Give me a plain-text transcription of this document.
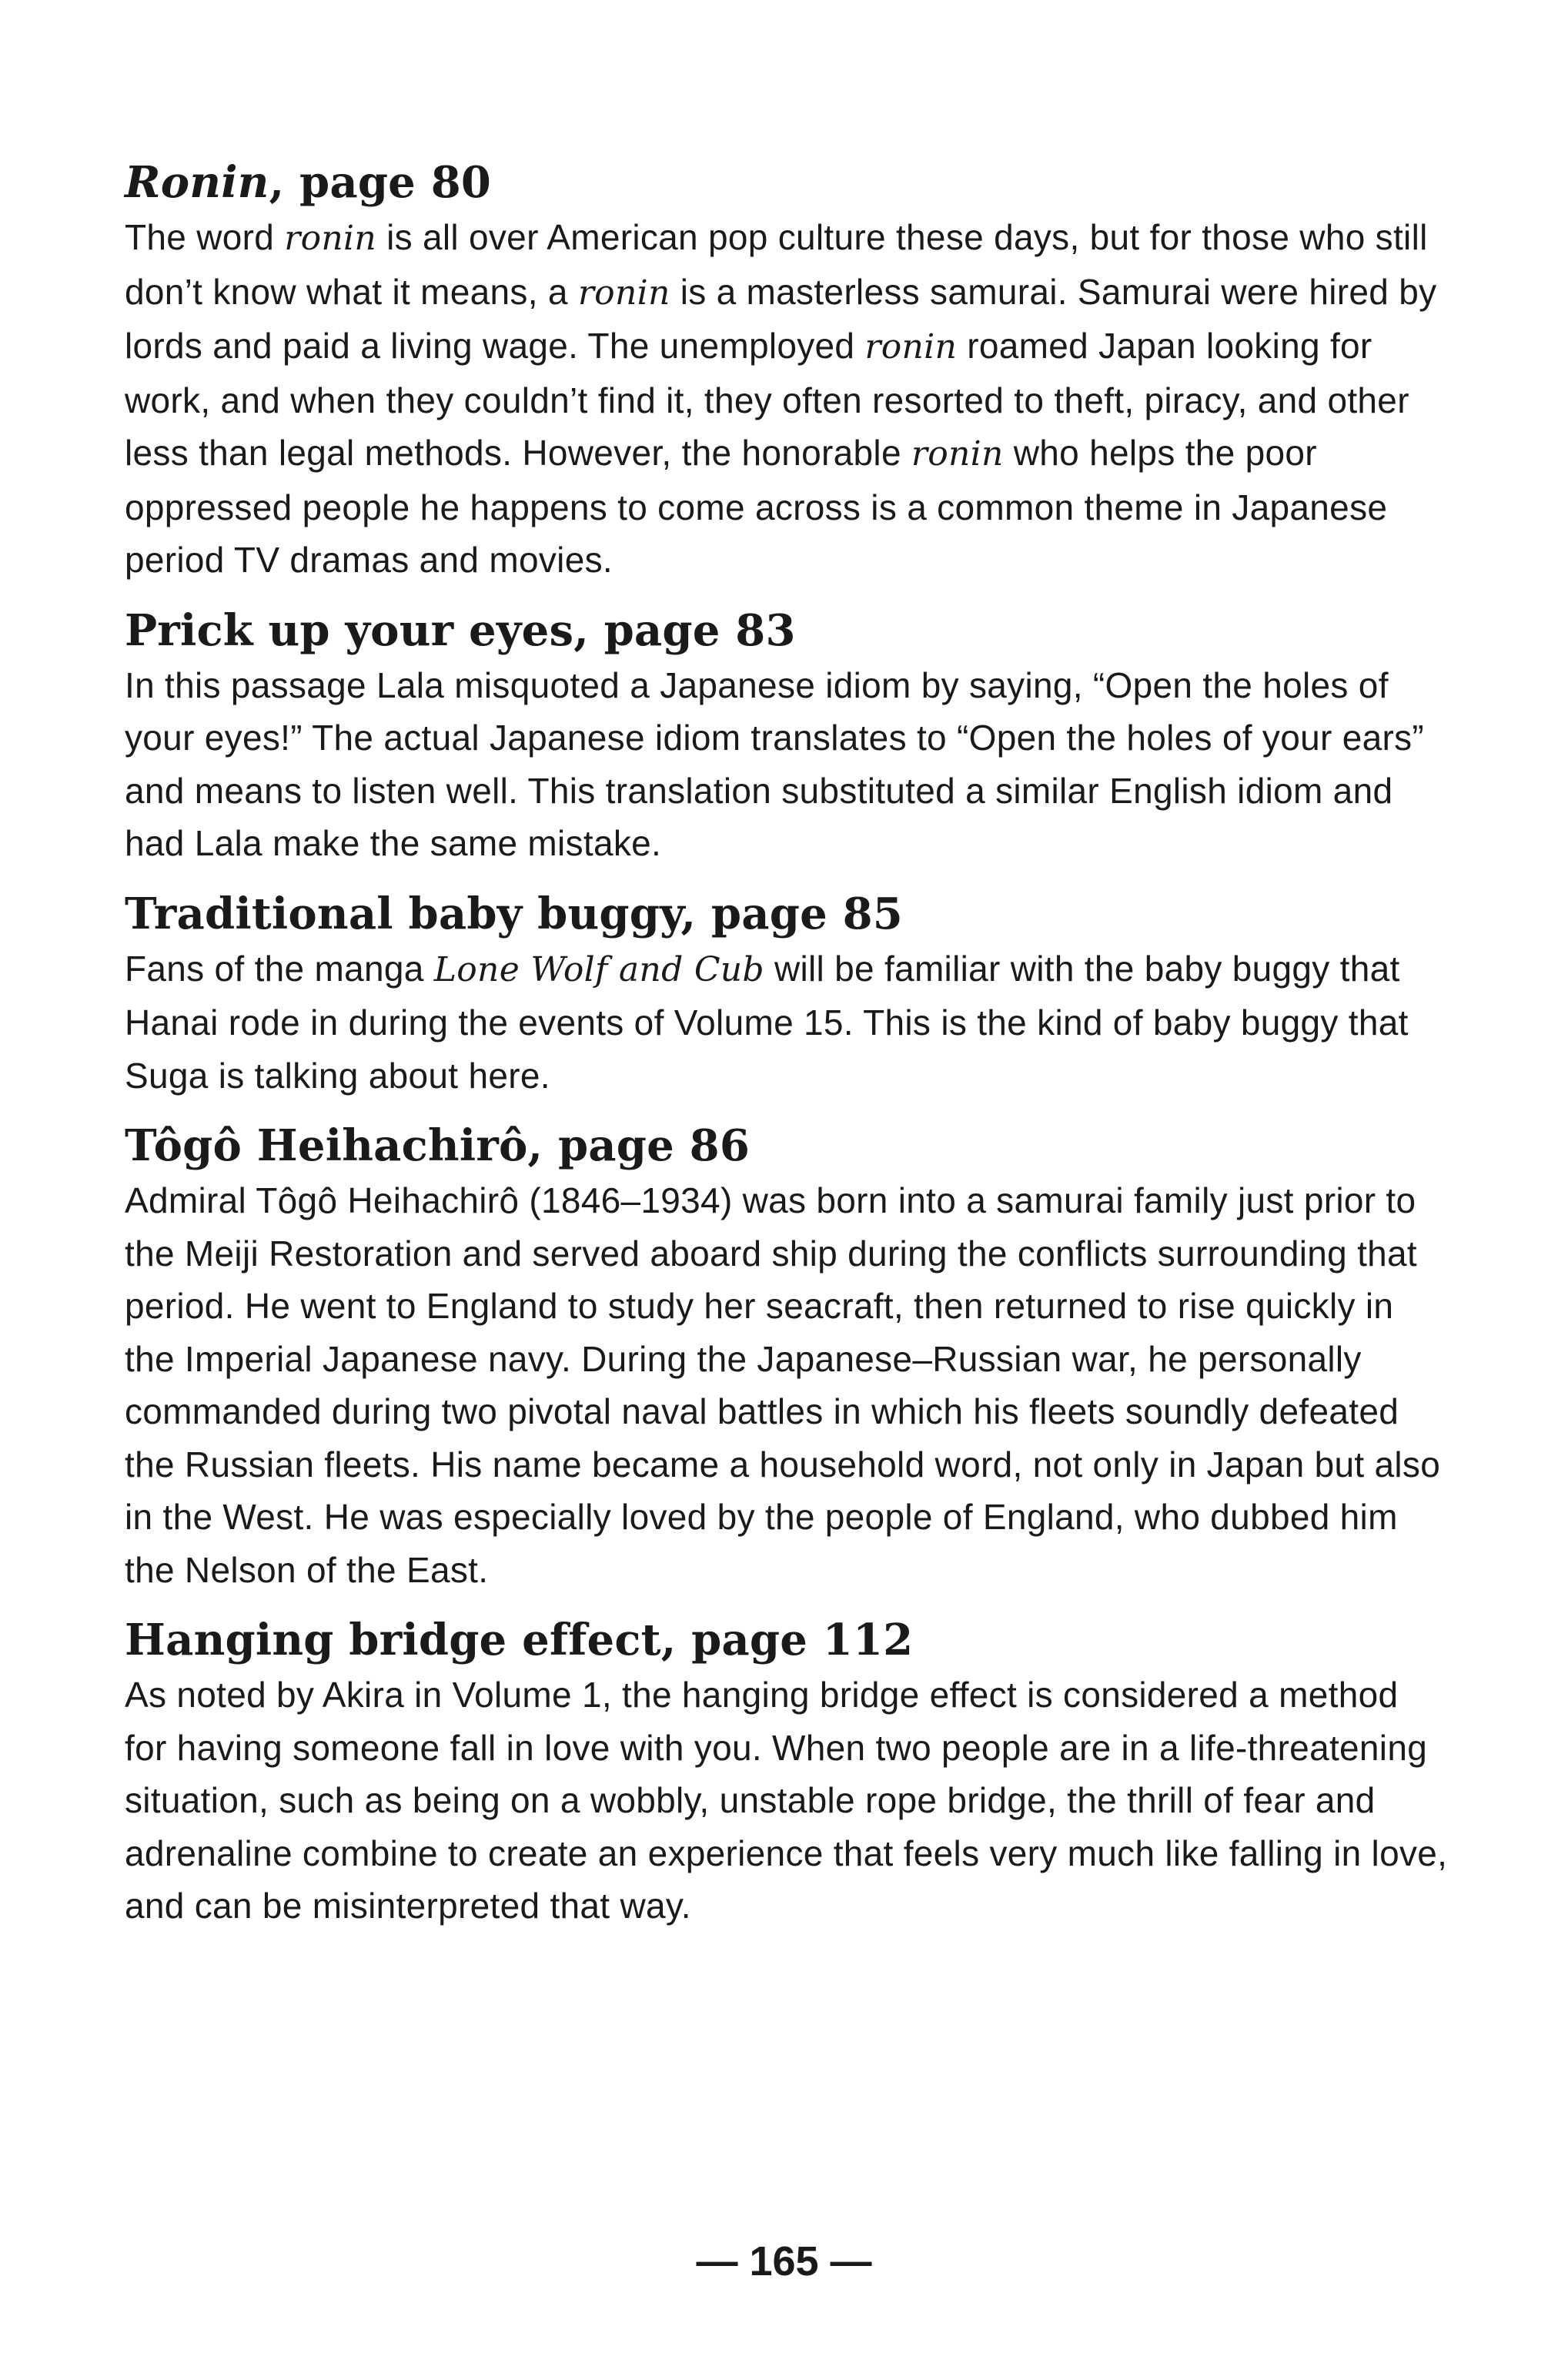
Ronin, page 80

The word ronin is all over American pop culture these days, but for those who still don’t know what it means, a ronin is a masterless samurai. Samurai were hired by lords and paid a living wage. The unemployed ronin roamed Japan looking for work, and when they couldn’t find it, they often resorted to theft, piracy, and other less than legal methods. However, the honorable ronin who helps the poor oppressed people he happens to come across is a common theme in Japanese period TV dramas and movies.

Prick up your eyes, page 83

In this passage Lala misquoted a Japanese idiom by saying, “Open the holes of your eyes!” The actual Japanese idiom translates to “Open the holes of your ears” and means to listen well. This translation substituted a similar English idiom and had Lala make the same mistake.

Traditional baby buggy, page 85

Fans of the manga Lone Wolf and Cub will be familiar with the baby buggy that Hanai rode in during the events of Volume 15. This is the kind of baby buggy that Suga is talking about here.

Tôgô Heihachirô, page 86

Admiral Tôgô Heihachirô (1846–1934) was born into a samurai family just prior to the Meiji Restoration and served aboard ship during the conflicts surrounding that period. He went to England to study her seacraft, then returned to rise quickly in the Imperial Japanese navy. During the Japanese–Russian war, he personally commanded during two pivotal naval battles in which his fleets soundly defeated the Russian fleets. His name became a household word, not only in Japan but also in the West. He was especially loved by the people of England, who dubbed him the Nelson of the East.

Hanging bridge effect, page 112

As noted by Akira in Volume 1, the hanging bridge effect is considered a method for having someone fall in love with you. When two people are in a life-threatening situation, such as being on a wobbly, unstable rope bridge, the thrill of fear and adrenaline combine to create an experience that feels very much like falling in love, and can be misinterpreted that way.

— 165 —
